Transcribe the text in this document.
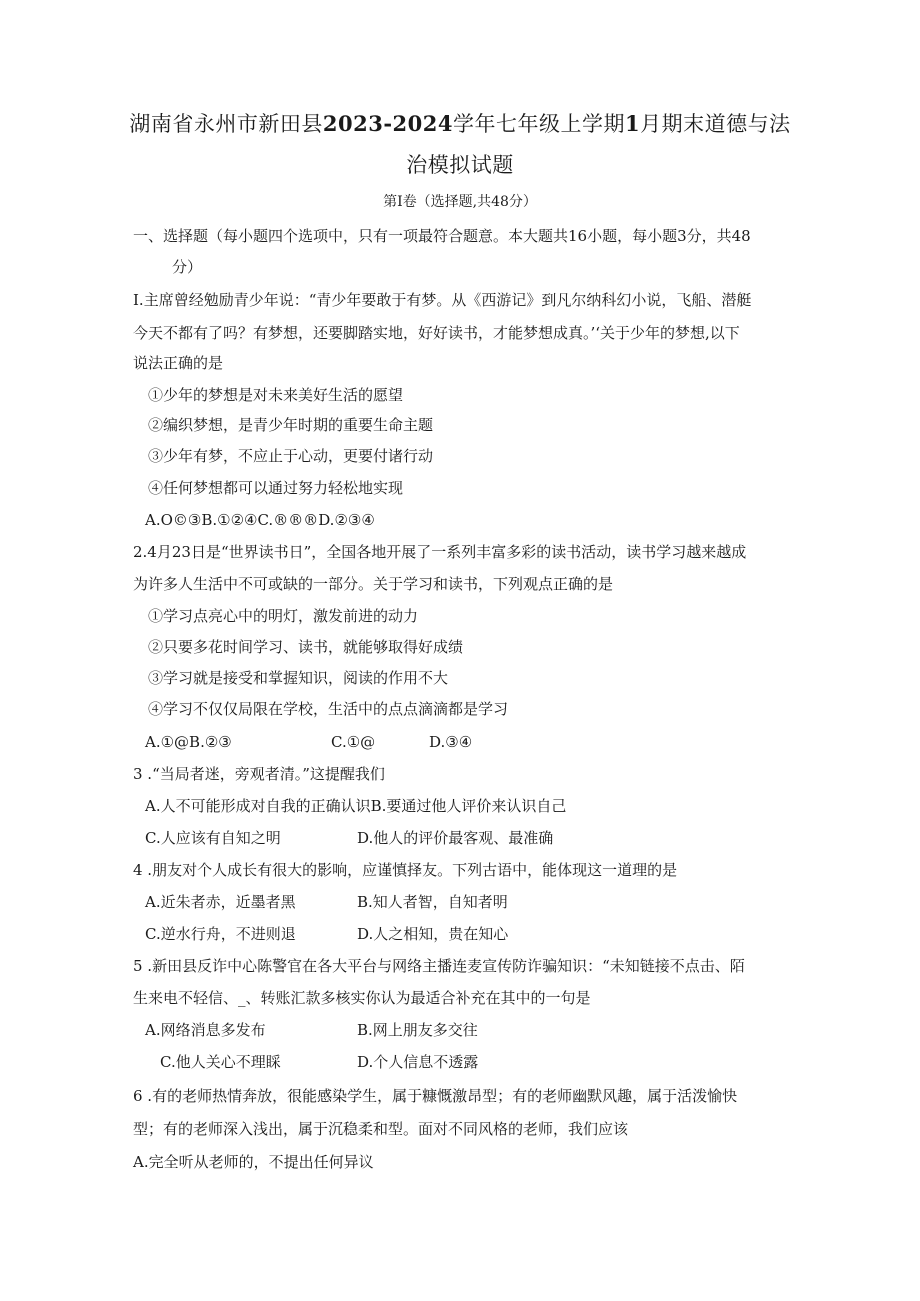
湖南省永州市新田县2023-2024学年七年级上学期1月期末道德与法
治模拟试题
第Ⅰ卷（选择题,共48分）
一、选择题（每小题四个选项中，只有一项最符合题意。本大题共16小题，每小题3分，共48
分）
I.主席曾经勉励青少年说：“青少年要敢于有梦。从《西游记》到凡尔纳科幻小说，飞船、潜艇
今天不都有了吗？有梦想，还要脚踏实地，好好读书，才能梦想成真。’‘关于少年的梦想,以下
说法正确的是
①少年的梦想是对未来美好生活的愿望
②编织梦想，是青少年时期的重要生命主题
③少年有梦，不应止于心动，更要付诸行动
④任何梦想都可以通过努力轻松地实现
A.O©③B.①②④C.®®®D.②③④
2.4月23日是“世界读书日”，全国各地开展了一系列丰富多彩的读书活动，读书学习越来越成
为许多人生活中不可或缺的一部分。关于学习和读书，下列观点正确的是
①学习点亮心中的明灯，激发前进的动力
②只要多花时间学习、读书，就能够取得好成绩
③学习就是接受和掌握知识，阅读的作用不大
④学习不仅仅局限在学校，生活中的点点滴滴都是学习
A.①@B.②③	C.①@	D.③④
3 .“当局者迷，旁观者清。”这提醒我们
A.人不可能形成对自我的正确认识B.要通过他人评价来认识自己
C.人应该有自知之明	D.他人的评价最客观、最准确
4 .朋友对个人成长有很大的影响，应谨慎择友。下列古语中，能体现这一道理的是
A.近朱者赤，近墨者黑	B.知人者智，自知者明
C.逆水行舟，不进则退	D.人之相知，贵在知心
5 .新田县反诈中心陈警官在各大平台与网络主播连麦宣传防诈骗知识：“未知链接不点击、陌
生来电不轻信、_、转账汇款多核实你认为最适合补充在其中的一句是
A.网络消息多发布	B.网上朋友多交往
C.他人关心不理睬	D.个人信息不透露
6 .有的老师热情奔放，很能感染学生，属于糠慨激昂型；有的老师幽默风趣，属于活泼愉快
型；有的老师深入浅出，属于沉稳柔和型。面对不同风格的老师，我们应该
A.完全听从老师的，不提出任何异议
